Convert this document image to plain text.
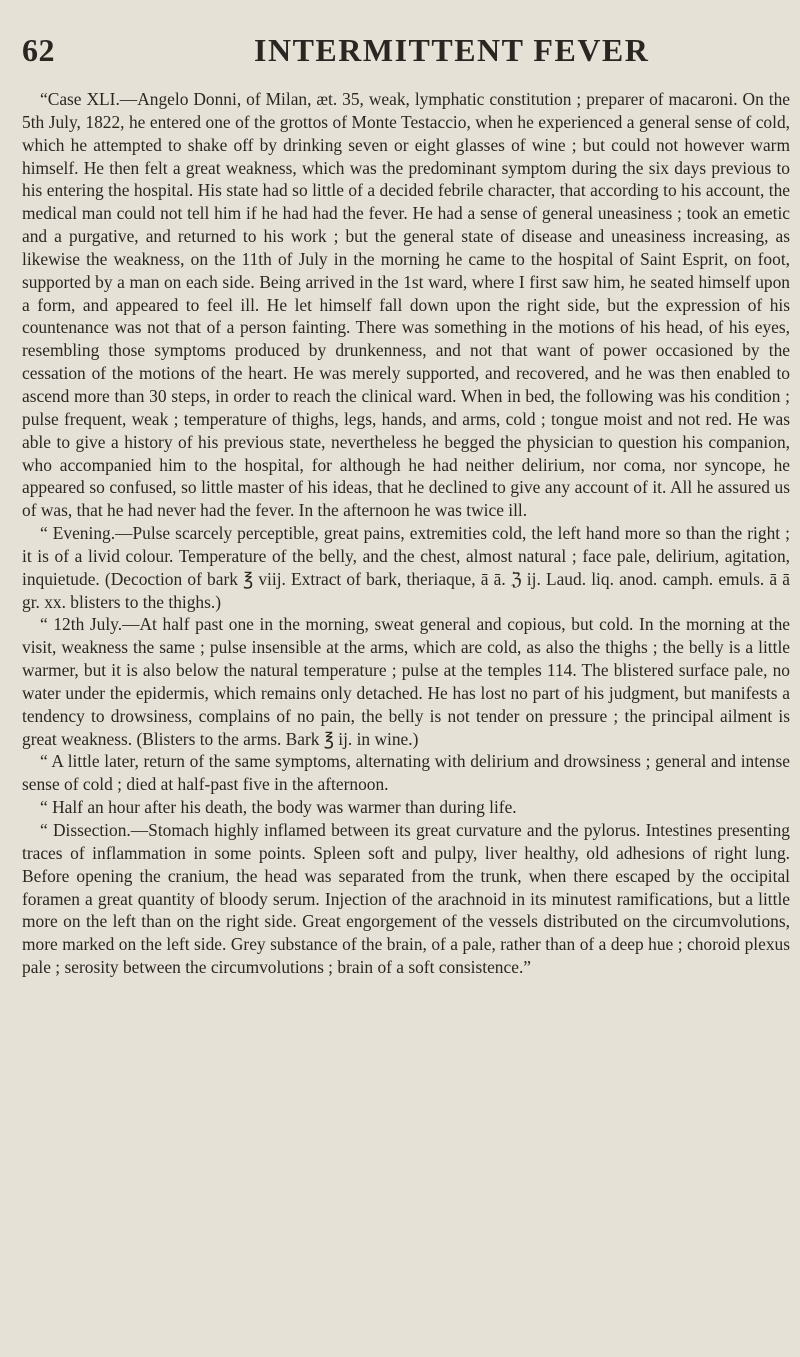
62	INTERMITTENT FEVER

“Case XLI.—Angelo Donni, of Milan, æt. 35, weak, lymphatic constitution ; preparer of macaroni. On the 5th July, 1822, he entered one of the grottos of Monte Testaccio, when he experienced a general sense of cold, which he attempted to shake off by drinking seven or eight glasses of wine ; but could not however warm himself. He then felt a great weakness, which was the predominant symptom during the six days previous to his entering the hospital. His state had so little of a decided febrile character, that according to his account, the medical man could not tell him if he had had the fever. He had a sense of general uneasiness ; took an emetic and a purgative, and returned to his work ; but the general state of disease and uneasiness increasing, as likewise the weakness, on the 11th of July in the morning he came to the hospital of Saint Esprit, on foot, supported by a man on each side. Being arrived in the 1st ward, where I first saw him, he seated himself upon a form, and appeared to feel ill. He let himself fall down upon the right side, but the expression of his countenance was not that of a person fainting. There was something in the motions of his head, of his eyes, resembling those symptoms produced by drunkenness, and not that want of power occasioned by the cessation of the motions of the heart. He was merely supported, and recovered, and he was then enabled to ascend more than 30 steps, in order to reach the clinical ward. When in bed, the following was his condition ; pulse frequent, weak ; temperature of thighs, legs, hands, and arms, cold ; tongue moist and not red. He was able to give a history of his previous state, nevertheless he begged the physician to question his companion, who accompanied him to the hospital, for although he had neither delirium, nor coma, nor syncope, he appeared so confused, so little master of his ideas, that he declined to give any account of it. All he assured us of was, that he had never had the fever. In the afternoon he was twice ill.

“ Evening.—Pulse scarcely perceptible, great pains, extremities cold, the left hand more so than the right ; it is of a livid colour. Temperature of the belly, and the chest, almost natural ; face pale, delirium, agitation, inquietude. (Decoction of bark ℥ viij. Extract of bark, theriaque, ā ā. ℨ ij. Laud. liq. anod. camph. emuls. ā ā gr. xx. blisters to the thighs.)

“ 12th July.—At half past one in the morning, sweat general and copious, but cold. In the morning at the visit, weakness the same ; pulse insensible at the arms, which are cold, as also the thighs ; the belly is a little warmer, but it is also below the natural temperature ; pulse at the temples 114. The blistered surface pale, no water under the epidermis, which remains only detached. He has lost no part of his judgment, but manifests a tendency to drowsiness, complains of no pain, the belly is not tender on pressure ; the principal ailment is great weakness. (Blisters to the arms. Bark ℥ ij. in wine.)

“ A little later, return of the same symptoms, alternating with delirium and drowsiness ; general and intense sense of cold ; died at half-past five in the afternoon.

“ Half an hour after his death, the body was warmer than during life.

“ Dissection.—Stomach highly inflamed between its great curvature and the pylorus. Intestines presenting traces of inflammation in some points. Spleen soft and pulpy, liver healthy, old adhesions of right lung. Before opening the cranium, the head was separated from the trunk, when there escaped by the occipital foramen a great quantity of bloody serum. Injection of the arachnoid in its minutest ramifications, but a little more on the left than on the right side. Great engorgement of the vessels distributed on the circumvolutions, more marked on the left side. Grey substance of the brain, of a pale, rather than of a deep hue ; choroid plexus pale ; serosity between the circumvolutions ; brain of a soft consistence.”
